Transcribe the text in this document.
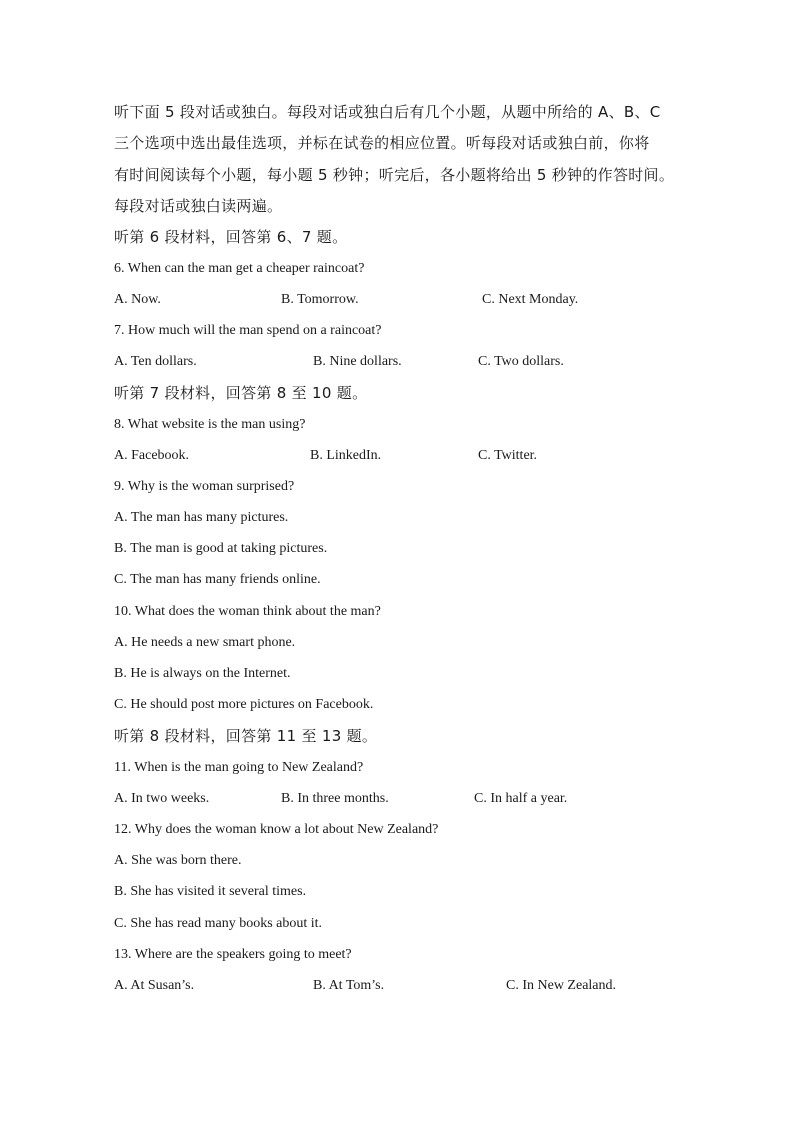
听下面 5 段对话或独白。每段对话或独白后有几个小题，从题中所给的 A、B、C
三个选项中选出最佳选项，并标在试卷的相应位置。听每段对话或独白前，你将
有时间阅读每个小题，每小题 5 秒钟；听完后，各小题将给出 5 秒钟的作答时间。
每段对话或独白读两遍。
听第 6 段材料，回答第 6、7 题。
6. When can the man get a cheaper raincoat?
A. Now.	B. Tomorrow.	C. Next Monday.
7. How much will the man spend on a raincoat?
A. Ten dollars.	B. Nine dollars.	C. Two dollars.
听第 7 段材料，回答第 8 至 10 题。
8. What website is the man using?
A. Facebook.	B. LinkedIn.	C. Twitter.
9. Why is the woman surprised?
A. The man has many pictures.
B. The man is good at taking pictures.
C. The man has many friends online.
10. What does the woman think about the man?
A. He needs a new smart phone.
B. He is always on the Internet.
C. He should post more pictures on Facebook.
听第 8 段材料，回答第 11 至 13 题。
11. When is the man going to New Zealand?
A. In two weeks.	B. In three months.	C. In half a year.
12. Why does the woman know a lot about New Zealand?
A. She was born there.
B. She has visited it several times.
C. She has read many books about it.
13. Where are the speakers going to meet?
A. At Susan’s.	B. At Tom’s.	C. In New Zealand.
